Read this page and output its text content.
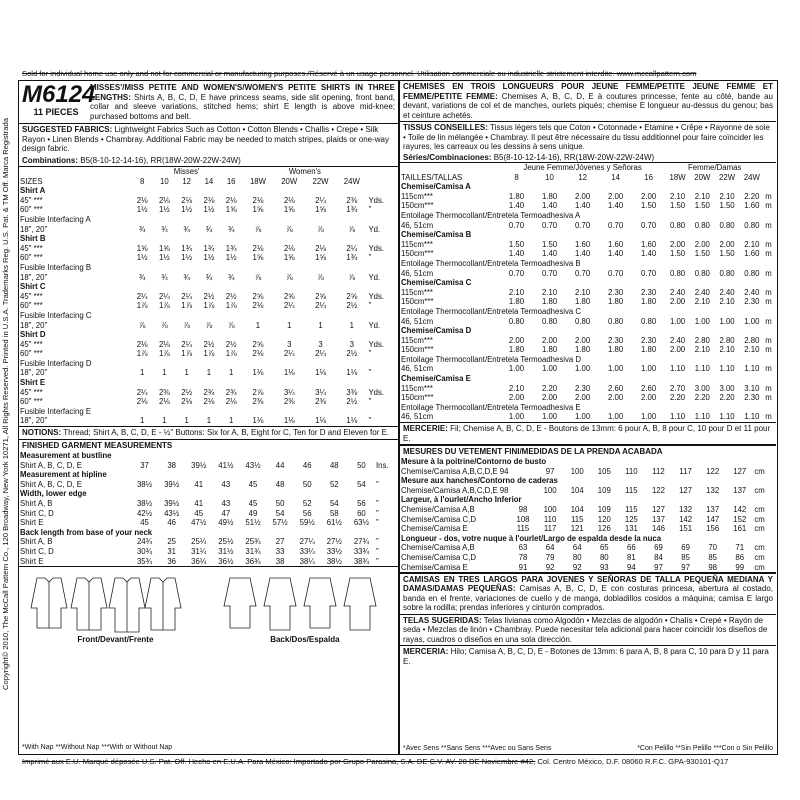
Copyright© 2010, The McCall Pattern Co., 120 Broadway, New York 10271, All Rights Reserved. Printed in U.S.A. Trademarks Reg. U.S. Pat. & TM Off. Marca Registrada
Sold for individual home use only and not for commercial or manufacturing purposes./Réservé à un usage personnel. Utilisation commerciale ou industrielle strictement interdite. www.mccallpattern.com
M6124
11 PIECES
MISSES'/MISS PETITE AND WOMEN'S/WOMEN'S PETITE SHIRTS IN THREE LENGTHS: Shirts A, B, C, D, E have princess seams, side slit opening, front band, collar and sleeve variations, stitched hems; shirt E length is above mid-knee; purchased bottoms and belt.
SUGGESTED FABRICS: Lightweight Fabrics Such as Cotton • Cotton Blends • Challis • Crepe • Silk Rayon • Linen Blends • Chambray. Additional Fabric may be needed to match stripes, plaids or one-way design fabric.
Combinations: B5(8-10-12-14-16), RR(18W-20W-22W-24W)
	Misses'					Women's				
SIZES	8	10	12	14	16	18W	20W	22W	24W	
Shirt A										
45" ***	2⅛	2⅛	2⅛	2⅛	2⅛	2⅛	2⅛	2¼	2⅜	Yds.
60" ***	1½	1½	1½	1½	1⅝	1⅝	1⅝	1⅝	1¾	"
Fusible Interfacing A										
18", 20"	¾	¾	¾	¾	¾	⅞	⅞	⅞	⅞	Yd.
Shirt B										
45" ***	1⅝	1⅝	1¾	1¾	1¾	2⅛	2⅛	2⅛	2¼	Yds.
60" ***	1½	1½	1½	1½	1½	1⅝	1⅝	1⅝	1¾	"
Fusible Interfacing B										
18", 20"	¾	¾	¾	¾	¾	⅞	⅞	⅞	⅞	Yd.
Shirt C										
45" ***	2¼	2¼	2¼	2½	2½	2⅝	2⅝	2⅝	2⅝	Yds.
60" ***	1⅞	1⅞	1⅞	1⅞	1⅞	2⅛	2¼	2¼	2½	"
Fusible Interfacing C										
18", 20"	⅞	⅞	⅞	⅞	⅞	1	1	1	1	Yd.
Shirt D										
45" ***	2⅛	2⅛	2¼	2½	2½	2⅝	3	3	3	Yds.
60" ***	1⅞	1⅞	1⅞	1⅞	1⅞	2⅛	2¼	2¼	2½	"
Fusible Interfacing D										
18", 20"	1	1	1	1	1	1⅛	1⅛	1⅛	1⅛	"
Shirt E										
45" ***	2¼	2⅜	2½	2¾	2¾	2⅞	3¼	3¼	3⅜	Yds.
60" ***	2⅛	2⅛	2⅛	2⅛	2⅛	2⅜	2⅜	2⅜	2½	"
Fusible Interfacing E										
18", 20"	1	1	1	1	1	1⅛	1⅛	1⅛	1⅛	"
NOTIONS: Thread; Shirt A, B, C, D, E - ½" Buttons: Six for A, B, Eight for C, Ten for D and Eleven for E.
FINISHED GARMENT MEASUREMENTS
Measurement at bustline										
Shirt A, B, C, D, E	37	38	39½	41½	43½	44	46	48	50	Ins.
Measurement at hipline										
Shirt A, B, C, D, E	38½	39½	41	43	45	48	50	52	54	"
Width, lower edge										
Shirt A, B	38½	39½	41	43	45	50	52	54	56	"
Shirt C, D	42½	43½	45	47	49	54	56	58	60	"
Shirt E	45	46	47½	49½	51½	57½	59½	61½	63½	"
Back length from base of your neck										
Shirt A, B	24¾	25	25¼	25½	25¾	27	27¼	27½	27¾	"
Shirt C, D	30¾	31	31¼	31½	31¾	33	33¼	33½	33¾	"
Shirt E	35¾	36	36¼	36½	36¾	38	38¼	38½	38¾	"
Front/Devant/Frente	Back/Dos/Espalda
*With Nap **Without Nap ***With or Without Nap
CHEMISES EN TROIS LONGUEURS POUR JEUNE FEMME/PETITE JEUNE FEMME ET FEMME/PETITE FEMME: Chemises A, B, C, D, E à coutures princesse, fente au côté, bande au devant, variations de col et de manches, ourlets piqués; chemise E longueur au-dessus du genou; bas et ceinture achetés.
TISSUS CONSEILLES: Tissus légers tels que Coton • Cotonnade • Etamine • Crêpe • Rayonne de soie • Toile de lin mélangée • Chambray. Il peut être nécessaire du tissu additionnel pour faire coïncider les rayures, les carreaux ou les dessins à sens unique.
Séries/Combinaciones: B5(8-10-12-14-16), RR(18W-20W-22W-24W)
	Jeune Femme/Jóvenes y Señoras					Femme/Damas				
TAILLES/TALLAS	8	10	12	14	16	18W	20W	22W	24W	
Chemise/Camisa A										
115cm***	1.80	1.80	2.00	2.00	2.00	2.10	2.10	2.10	2.20	m
150cm***	1.40	1.40	1.40	1.40	1.50	1.50	1.50	1.50	1.60	m
Entoilage Thermocollant/Entretela Termoadhesiva A										
46, 51cm	0.70	0.70	0.70	0.70	0.70	0.80	0.80	0.80	0.80	m
Chemise/Camisa B										
115cm***	1.50	1.50	1.60	1.60	1.60	2.00	2.00	2.00	2.10	m
150cm***	1.40	1.40	1.40	1.40	1.40	1.50	1.50	1.50	1.60	m
Entoilage Thermocollant/Entretela Termoadhesiva B										
46, 51cm	0.70	0.70	0.70	0.70	0.70	0.80	0.80	0.80	0.80	m
Chemise/Camisa C										
115cm***	2.10	2.10	2.10	2.30	2.30	2.40	2.40	2.40	2.40	m
150cm***	1.80	1.80	1.80	1.80	1.80	2.00	2.10	2.10	2.30	m
Entoilage Thermocollant/Entretela Termoadhesiva C										
46, 51cm	0.80	0.80	0.80	0.80	0.80	1.00	1.00	1.00	1.00	m
Chemise/Camisa D										
115cm***	2.00	2.00	2.00	2.30	2.30	2.40	2.80	2.80	2.80	m
150cm***	1.80	1.80	1.80	1.80	1.80	2.00	2.10	2.10	2.10	m
Entoilage Thermocollant/Entretela Termoadhesiva D										
46, 51cm	1.00	1.00	1.00	1.00	1.00	1.10	1.10	1.10	1.10	m
Chemise/Camisa E										
115cm***	2.10	2.20	2.30	2.60	2.60	2.70	3.00	3.00	3.10	m
150cm***	2.00	2.00	2.00	2.00	2.00	2.20	2.20	2.20	2.30	m
Entoilage Thermocollant/Entretela Termoadhesiva E										
46, 51cm	1.00	1.00	1.00	1.00	1.00	1.10	1.10	1.10	1.10	m
MERCERIE: Fil; Chemise A, B, C, D, E - Boutons de 13mm: 6 pour A, B, 8 pour C, 10 pour D et 11 pour E.
MESURES DU VETEMENT FINI/MEDIDAS DE LA PRENDA ACABADA
Mesure à la poitrine/Contorno de busto										
Chemise/Camisa A,B,C,D,E 94		97	100	105	110	112	117	122	127	cm
Mesure aux hanches/Contorno de caderas										
Chemise/Camisa A,B,C,D,E 98		100	104	109	115	122	127	132	137	cm
Largeur, à l'ourlet/Ancho Inferior										
Chemise/Camisa A,B	98	100	104	109	115	127	132	137	142	cm
Chemise/Camisa C,D	108	110	115	120	125	137	142	147	152	cm
Chemise/Camisa E	115	117	121	126	131	146	151	156	161	cm
Longueur - dos, votre nuque à l'ourlet/Largo de espalda desde la nuca										
Chemise/Camisa A,B	63	64	64	65	66	69	69	70	71	cm
Chemise/Camisa C,D	78	79	80	80	81	84	85	85	86	cm
Chemise/Camisa E	91	92	92	93	94	97	97	98	99	cm
CAMISAS EN TRES LARGOS PARA JOVENES Y SEÑORAS DE TALLA PEQUEÑA MEDIANA Y DAMAS/DAMAS PEQUEÑAS: Camisas A, B, C, D, E con costuras princesa, abertura al costado, banda en el frente, variaciones de cuello y de manga, dobladillos cosidos a máquina; camisa E largo sobre la rodilla; prendas inferiores y cinturón comprados.
TELAS SUGERIDAS: Telas livianas como Algodón • Mezclas de algodón • Chalís • Crepé • Rayón de seda • Mezclas de linón • Chambray. Puede necesitar tela adicional para hacer coincidir los diseños de rayas, cuadros o diseños en una sola dirección.
MERCERIA: Hilo; Camisa A, B, C, D, E - Botones de 13mm: 6 para A, B, 8 para C, 10 para D y 11 para E.
*Avec Sens **Sans Sens ***Avec ou Sans Sens	*Con Pelillo **Sin Pelillo ***Con o Sin Pelillo
Imprimé aux E.U. Marqué déposée U.S. Pat. Off. Hecho en E.U.A. Para México: Importado por Grupo Parasina, S.A. DE C.V. AV. 20 DE Noviembre #42, Col. Centro México, D.F. 08060 R.F.C. GPA-930101-Q17
